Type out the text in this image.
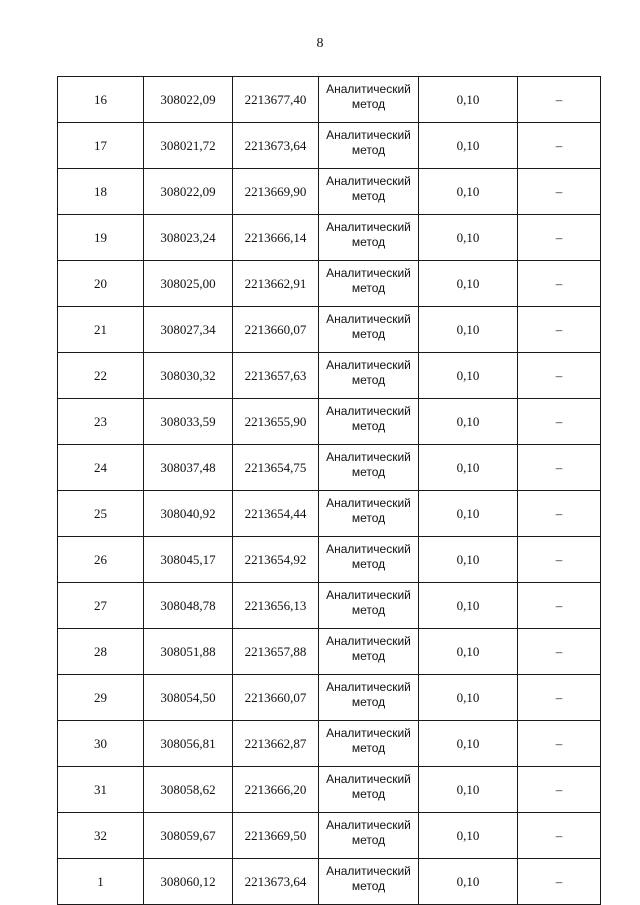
8
16	308022,09	2213677,40	Аналитический метод	0,10	–
17	308021,72	2213673,64	Аналитический метод	0,10	–
18	308022,09	2213669,90	Аналитический метод	0,10	–
19	308023,24	2213666,14	Аналитический метод	0,10	–
20	308025,00	2213662,91	Аналитический метод	0,10	–
21	308027,34	2213660,07	Аналитический метод	0,10	–
22	308030,32	2213657,63	Аналитический метод	0,10	–
23	308033,59	2213655,90	Аналитический метод	0,10	–
24	308037,48	2213654,75	Аналитический метод	0,10	–
25	308040,92	2213654,44	Аналитический метод	0,10	–
26	308045,17	2213654,92	Аналитический метод	0,10	–
27	308048,78	2213656,13	Аналитический метод	0,10	–
28	308051,88	2213657,88	Аналитический метод	0,10	–
29	308054,50	2213660,07	Аналитический метод	0,10	–
30	308056,81	2213662,87	Аналитический метод	0,10	–
31	308058,62	2213666,20	Аналитический метод	0,10	–
32	308059,67	2213669,50	Аналитический метод	0,10	–
1	308060,12	2213673,64	Аналитический метод	0,10	–
